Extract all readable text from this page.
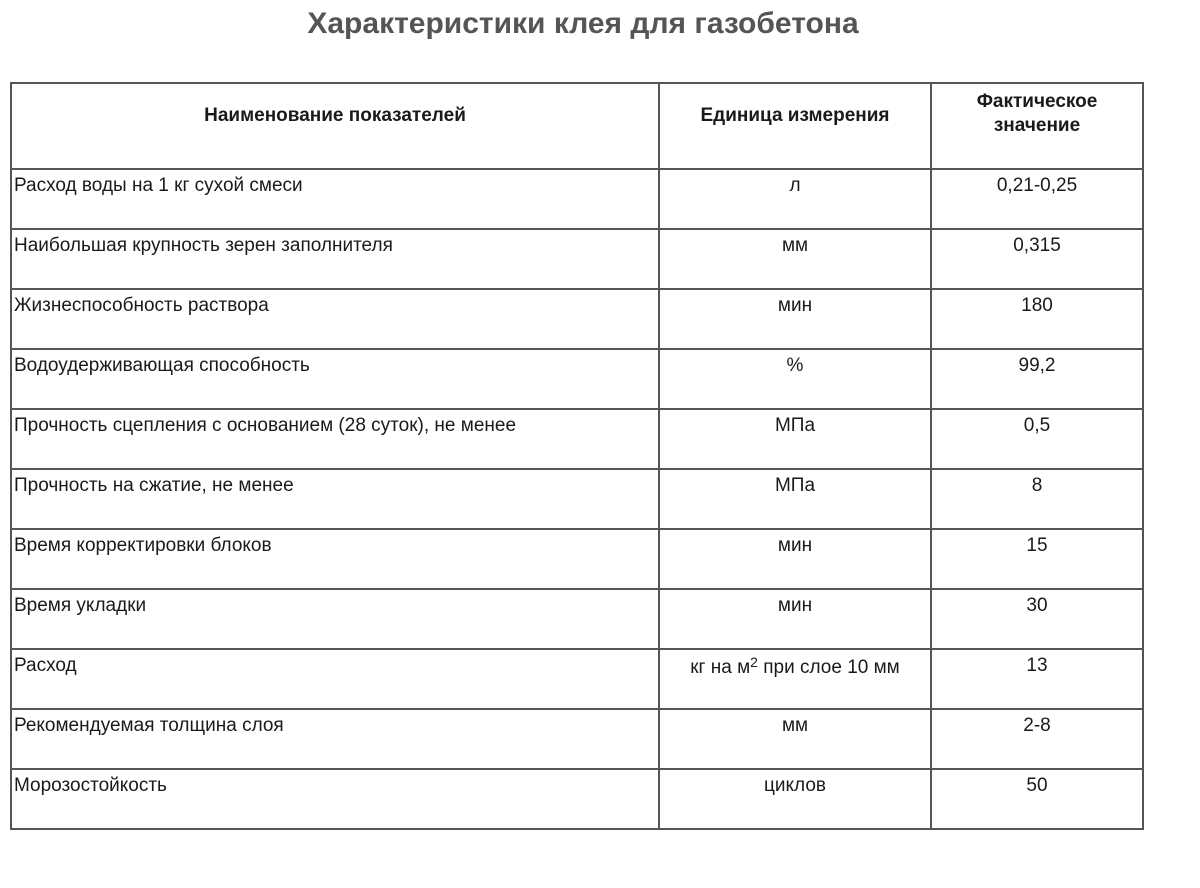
Характеристики клея для газобетона
Наименование показателей	Единица измерения	Фактическое значение
Расход воды на 1 кг сухой смеси	л	0,21-0,25
Наибольшая крупность зерен заполнителя	мм	0,315
Жизнеспособность раствора	мин	180
Водоудерживающая способность	%	99,2
Прочность сцепления с основанием (28 суток), не менее	МПа	0,5
Прочность на сжатие, не менее	МПа	8
Время корректировки блоков	мин	15
Время укладки	мин	30
Расход	кг на $м^2$ при слое 10 мм	13
Рекомендуемая толщина слоя	мм	2-8
Морозостойкость	циклов	50
